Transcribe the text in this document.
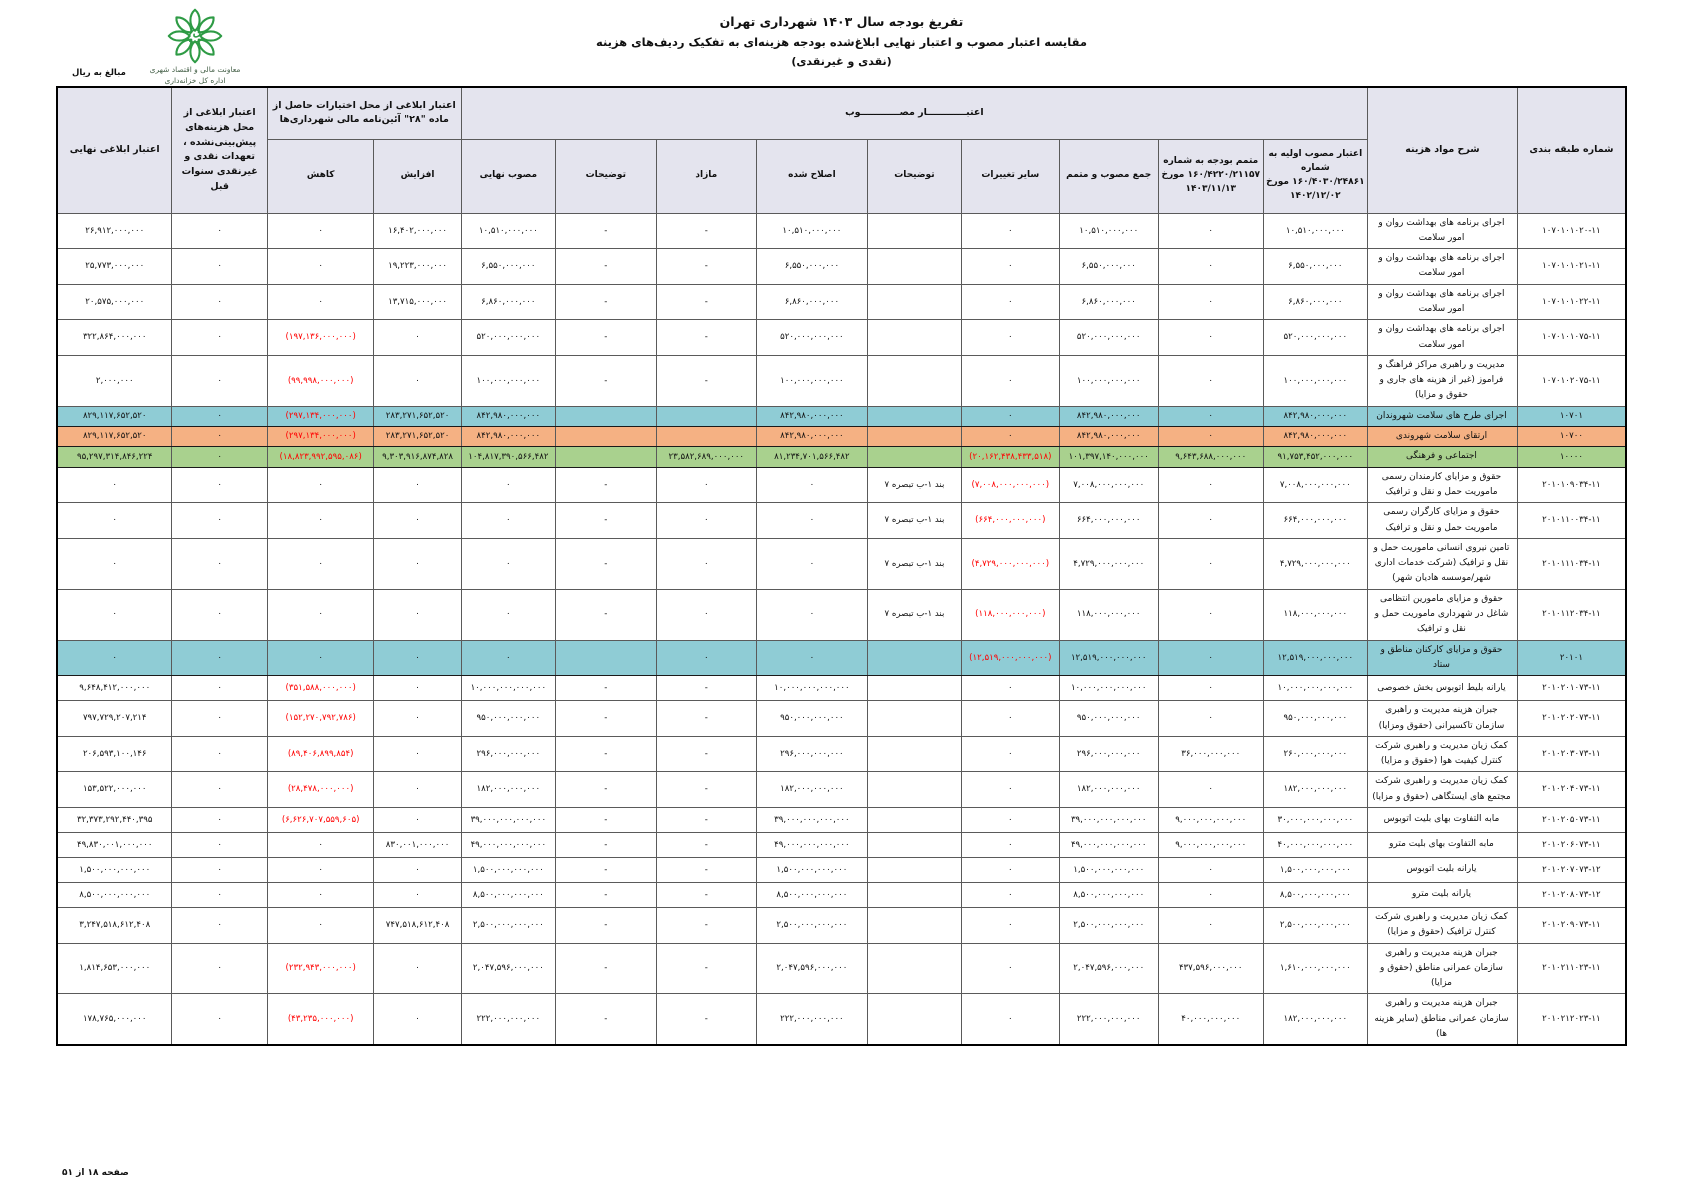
تفریغ بودجه سال ۱۴۰۳ شهرداری تهران
مقایسه اعتبار مصوب و اعتبار نهایی ابلاغ‌شده بودجه هزینه‌ای به تفکیک ردیف‌های هزینه
(نقدی و غیرنقدی)
معاونت مالی و اقتصاد شهری
اداره کل خزانه‌داری
مبالغ به ریال
شماره طبقه بندی	شرح مواد هزینه	اعتبــــــــــــار مصــــــــــــوب									اعتبار ابلاغی از محل اختیارات حاصل از ماده "۲۸" آئین‌نامه مالی شهرداری‌ها		اعتبار ابلاغی از محل هزینه‌های پیش‌بینی‌نشده ، تعهدات نقدی و غیرنقدی سنوات قبل	اعتبار ابلاغی نهایی
		اعتبار مصوب اولیه به شماره ۱۶۰/۴۰۳۰/۲۴۸۶۱ مورخ ۱۴۰۲/۱۲/۰۲	متمم بودجه به شماره ۱۶۰/۴۲۲۰/۲۱۱۵۷ مورخ ۱۴۰۳/۱۱/۱۳	جمع مصوب و متمم	سایر تغییرات	توضیحات	اصلاح شده	مازاد	توضیحات	مصوب نهایی	افزایش	کاهش		
۱۰۷۰۱۰۱۰۲۰-۱۱	اجرای برنامه های بهداشت روان و امور سلامت	۱۰,۵۱۰,۰۰۰,۰۰۰	۰	۱۰,۵۱۰,۰۰۰,۰۰۰	۰		۱۰,۵۱۰,۰۰۰,۰۰۰	-	-	۱۰,۵۱۰,۰۰۰,۰۰۰	۱۶,۴۰۲,۰۰۰,۰۰۰	۰	۰	۲۶,۹۱۲,۰۰۰,۰۰۰
۱۰۷۰۱۰۱۰۲۱-۱۱	اجرای برنامه های بهداشت روان و امور سلامت	۶,۵۵۰,۰۰۰,۰۰۰	۰	۶,۵۵۰,۰۰۰,۰۰۰	۰		۶,۵۵۰,۰۰۰,۰۰۰	-	-	۶,۵۵۰,۰۰۰,۰۰۰	۱۹,۲۲۳,۰۰۰,۰۰۰	۰	۰	۲۵,۷۷۳,۰۰۰,۰۰۰
۱۰۷۰۱۰۱۰۲۲-۱۱	اجرای برنامه های بهداشت روان و امور سلامت	۶,۸۶۰,۰۰۰,۰۰۰	۰	۶,۸۶۰,۰۰۰,۰۰۰	۰		۶,۸۶۰,۰۰۰,۰۰۰	-	-	۶,۸۶۰,۰۰۰,۰۰۰	۱۳,۷۱۵,۰۰۰,۰۰۰	۰	۰	۲۰,۵۷۵,۰۰۰,۰۰۰
۱۰۷۰۱۰۱۰۷۵-۱۱	اجرای برنامه های بهداشت روان و امور سلامت	۵۲۰,۰۰۰,۰۰۰,۰۰۰	۰	۵۲۰,۰۰۰,۰۰۰,۰۰۰	۰		۵۲۰,۰۰۰,۰۰۰,۰۰۰	-	-	۵۲۰,۰۰۰,۰۰۰,۰۰۰	۰	(۱۹۷,۱۳۶,۰۰۰,۰۰۰)	۰	۳۲۲,۸۶۴,۰۰۰,۰۰۰
۱۰۷۰۱۰۲۰۷۵-۱۱	مدیریت و راهبری مراکز فراهنگ و فراموز (غیر از هزینه های جاری و حقوق و مزایا)	۱۰۰,۰۰۰,۰۰۰,۰۰۰	۰	۱۰۰,۰۰۰,۰۰۰,۰۰۰	۰		۱۰۰,۰۰۰,۰۰۰,۰۰۰	-	-	۱۰۰,۰۰۰,۰۰۰,۰۰۰	۰	(۹۹,۹۹۸,۰۰۰,۰۰۰)	۰	۲,۰۰۰,۰۰۰
۱۰۷۰۱	اجرای طرح های سلامت شهروندان	۸۴۲,۹۸۰,۰۰۰,۰۰۰	۰	۸۴۲,۹۸۰,۰۰۰,۰۰۰	۰		۸۴۲,۹۸۰,۰۰۰,۰۰۰			۸۴۲,۹۸۰,۰۰۰,۰۰۰	۲۸۳,۲۷۱,۶۵۲,۵۲۰	(۲۹۷,۱۳۴,۰۰۰,۰۰۰)	۰	۸۲۹,۱۱۷,۶۵۲,۵۲۰
۱۰۷۰۰	ارتقای سلامت شهروندی	۸۴۲,۹۸۰,۰۰۰,۰۰۰	۰	۸۴۲,۹۸۰,۰۰۰,۰۰۰	۰		۸۴۲,۹۸۰,۰۰۰,۰۰۰			۸۴۲,۹۸۰,۰۰۰,۰۰۰	۲۸۳,۲۷۱,۶۵۲,۵۲۰	(۲۹۷,۱۳۴,۰۰۰,۰۰۰)	۰	۸۲۹,۱۱۷,۶۵۲,۵۲۰
۱۰۰۰۰	اجتماعی و فرهنگی	۹۱,۷۵۳,۴۵۲,۰۰۰,۰۰۰	۹,۶۴۳,۶۸۸,۰۰۰,۰۰۰	۱۰۱,۳۹۷,۱۴۰,۰۰۰,۰۰۰	(۲۰,۱۶۲,۴۳۸,۴۳۳,۵۱۸)		۸۱,۲۳۴,۷۰۱,۵۶۶,۴۸۲	۲۳,۵۸۲,۶۸۹,۰۰۰,۰۰۰		۱۰۴,۸۱۷,۳۹۰,۵۶۶,۴۸۲	۹,۳۰۳,۹۱۶,۸۷۴,۸۲۸	(۱۸,۸۲۳,۹۹۲,۵۹۵,۰۸۶)	۰	۹۵,۲۹۷,۳۱۴,۸۴۶,۲۲۴
۲۰۱۰۱۰۹۰۳۴-۱۱	حقوق و مزایای کارمندان رسمی ماموریت حمل و نقل و ترافیک	۷,۰۰۸,۰۰۰,۰۰۰,۰۰۰	۰	۷,۰۰۸,۰۰۰,۰۰۰,۰۰۰	(۷,۰۰۸,۰۰۰,۰۰۰,۰۰۰)	بند ۱-ب تبصره ۷	۰	۰	-	۰	۰	۰	۰	۰
۲۰۱۰۱۱۰۰۳۴-۱۱	حقوق و مزایای کارگران رسمی ماموریت حمل و نقل و ترافیک	۶۶۴,۰۰۰,۰۰۰,۰۰۰	۰	۶۶۴,۰۰۰,۰۰۰,۰۰۰	(۶۶۴,۰۰۰,۰۰۰,۰۰۰)	بند ۱-ب تبصره ۷	۰	۰	-	۰	۰	۰	۰	۰
۲۰۱۰۱۱۱۰۳۴-۱۱	تامین نیروی انسانی ماموریت حمل و نقل و ترافیک (شرکت خدمات اداری شهر/موسسه هادیان شهر)	۴,۷۲۹,۰۰۰,۰۰۰,۰۰۰	۰	۴,۷۲۹,۰۰۰,۰۰۰,۰۰۰	(۴,۷۲۹,۰۰۰,۰۰۰,۰۰۰)	بند ۱-ب تبصره ۷	۰	۰	-	۰	۰	۰	۰	۰
۲۰۱۰۱۱۲۰۳۴-۱۱	حقوق و مزایای مامورین انتظامی شاغل در شهرداری ماموریت حمل و نقل و ترافیک	۱۱۸,۰۰۰,۰۰۰,۰۰۰	۰	۱۱۸,۰۰۰,۰۰۰,۰۰۰	(۱۱۸,۰۰۰,۰۰۰,۰۰۰)	بند ۱-ب تبصره ۷	۰	۰	-	۰	۰	۰	۰	۰
۲۰۱۰۱	حقوق و مزایای کارکنان مناطق و ستاد	۱۲,۵۱۹,۰۰۰,۰۰۰,۰۰۰	۰	۱۲,۵۱۹,۰۰۰,۰۰۰,۰۰۰	(۱۲,۵۱۹,۰۰۰,۰۰۰,۰۰۰)		۰	۰		۰	۰	۰	۰	۰
۲۰۱۰۲۰۱۰۷۳-۱۱	یارانه بلیط اتوبوس بخش خصوصی	۱۰,۰۰۰,۰۰۰,۰۰۰,۰۰۰	۰	۱۰,۰۰۰,۰۰۰,۰۰۰,۰۰۰	۰		۱۰,۰۰۰,۰۰۰,۰۰۰,۰۰۰	-	-	۱۰,۰۰۰,۰۰۰,۰۰۰,۰۰۰	۰	(۳۵۱,۵۸۸,۰۰۰,۰۰۰)	۰	۹,۶۴۸,۴۱۲,۰۰۰,۰۰۰
۲۰۱۰۲۰۲۰۷۳-۱۱	جبران هزینه مدیریت و راهبری سازمان تاکسیرانی (حقوق ومزایا)	۹۵۰,۰۰۰,۰۰۰,۰۰۰	۰	۹۵۰,۰۰۰,۰۰۰,۰۰۰	۰		۹۵۰,۰۰۰,۰۰۰,۰۰۰	-	-	۹۵۰,۰۰۰,۰۰۰,۰۰۰	۰	(۱۵۲,۲۷۰,۷۹۲,۷۸۶)	۰	۷۹۷,۷۲۹,۲۰۷,۲۱۴
۲۰۱۰۲۰۳۰۷۳-۱۱	کمک زیان مدیریت و راهبری شرکت کنترل کیفیت هوا (حقوق و مزایا)	۲۶۰,۰۰۰,۰۰۰,۰۰۰	۳۶,۰۰۰,۰۰۰,۰۰۰	۲۹۶,۰۰۰,۰۰۰,۰۰۰	۰		۲۹۶,۰۰۰,۰۰۰,۰۰۰	-	-	۲۹۶,۰۰۰,۰۰۰,۰۰۰	۰	(۸۹,۴۰۶,۸۹۹,۸۵۴)	۰	۲۰۶,۵۹۳,۱۰۰,۱۴۶
۲۰۱۰۲۰۴۰۷۳-۱۱	کمک زیان مدیریت و راهبری شرکت مجتمع های ایستگاهی (حقوق و مزایا)	۱۸۲,۰۰۰,۰۰۰,۰۰۰	۰	۱۸۲,۰۰۰,۰۰۰,۰۰۰	۰		۱۸۲,۰۰۰,۰۰۰,۰۰۰	-	-	۱۸۲,۰۰۰,۰۰۰,۰۰۰	۰	(۲۸,۴۷۸,۰۰۰,۰۰۰)	۰	۱۵۳,۵۲۲,۰۰۰,۰۰۰
۲۰۱۰۲۰۵۰۷۳-۱۱	مابه التفاوت بهای بلیت اتوبوس	۳۰,۰۰۰,۰۰۰,۰۰۰,۰۰۰	۹,۰۰۰,۰۰۰,۰۰۰,۰۰۰	۳۹,۰۰۰,۰۰۰,۰۰۰,۰۰۰	۰		۳۹,۰۰۰,۰۰۰,۰۰۰,۰۰۰	-	-	۳۹,۰۰۰,۰۰۰,۰۰۰,۰۰۰	۰	(۶,۶۲۶,۷۰۷,۵۵۹,۶۰۵)	۰	۳۲,۳۷۳,۲۹۲,۴۴۰,۳۹۵
۲۰۱۰۲۰۶۰۷۳-۱۱	مابه التفاوت بهای بلیت مترو	۴۰,۰۰۰,۰۰۰,۰۰۰,۰۰۰	۹,۰۰۰,۰۰۰,۰۰۰,۰۰۰	۴۹,۰۰۰,۰۰۰,۰۰۰,۰۰۰	۰		۴۹,۰۰۰,۰۰۰,۰۰۰,۰۰۰	-	-	۴۹,۰۰۰,۰۰۰,۰۰۰,۰۰۰	۸۳۰,۰۰۱,۰۰۰,۰۰۰	۰	۰	۴۹,۸۳۰,۰۰۱,۰۰۰,۰۰۰
۲۰۱۰۲۰۷۰۷۳-۱۲	یارانه بلیت اتوبوس	۱,۵۰۰,۰۰۰,۰۰۰,۰۰۰	۰	۱,۵۰۰,۰۰۰,۰۰۰,۰۰۰	۰		۱,۵۰۰,۰۰۰,۰۰۰,۰۰۰	-	-	۱,۵۰۰,۰۰۰,۰۰۰,۰۰۰	۰	۰	۰	۱,۵۰۰,۰۰۰,۰۰۰,۰۰۰
۲۰۱۰۲۰۸۰۷۳-۱۲	یارانه بلیت مترو	۸,۵۰۰,۰۰۰,۰۰۰,۰۰۰	۰	۸,۵۰۰,۰۰۰,۰۰۰,۰۰۰	۰		۸,۵۰۰,۰۰۰,۰۰۰,۰۰۰	-	-	۸,۵۰۰,۰۰۰,۰۰۰,۰۰۰	۰	۰	۰	۸,۵۰۰,۰۰۰,۰۰۰,۰۰۰
۲۰۱۰۲۰۹۰۷۳-۱۱	کمک زیان مدیریت و راهبری شرکت کنترل ترافیک (حقوق و مزایا)	۲,۵۰۰,۰۰۰,۰۰۰,۰۰۰	۰	۲,۵۰۰,۰۰۰,۰۰۰,۰۰۰	۰		۲,۵۰۰,۰۰۰,۰۰۰,۰۰۰	-	-	۲,۵۰۰,۰۰۰,۰۰۰,۰۰۰	۷۴۷,۵۱۸,۶۱۲,۴۰۸	۰	۰	۳,۲۴۷,۵۱۸,۶۱۲,۴۰۸
۲۰۱۰۲۱۱۰۲۳-۱۱	جبران هزینه مدیریت و راهبری سازمان عمرانی مناطق (حقوق و مزایا)	۱,۶۱۰,۰۰۰,۰۰۰,۰۰۰	۴۳۷,۵۹۶,۰۰۰,۰۰۰	۲,۰۴۷,۵۹۶,۰۰۰,۰۰۰	۰		۲,۰۴۷,۵۹۶,۰۰۰,۰۰۰	-	-	۲,۰۴۷,۵۹۶,۰۰۰,۰۰۰	۰	(۲۳۲,۹۴۳,۰۰۰,۰۰۰)	۰	۱,۸۱۴,۶۵۳,۰۰۰,۰۰۰
۲۰۱۰۲۱۲۰۲۳-۱۱	جبران هزینه مدیریت و راهبری سازمان عمرانی مناطق (سایر هزینه ها)	۱۸۲,۰۰۰,۰۰۰,۰۰۰	۴۰,۰۰۰,۰۰۰,۰۰۰	۲۲۲,۰۰۰,۰۰۰,۰۰۰	۰		۲۲۲,۰۰۰,۰۰۰,۰۰۰	-	-	۲۲۲,۰۰۰,۰۰۰,۰۰۰	۰	(۴۳,۲۳۵,۰۰۰,۰۰۰)	۰	۱۷۸,۷۶۵,۰۰۰,۰۰۰
صفحه ۱۸ از ۵۱
